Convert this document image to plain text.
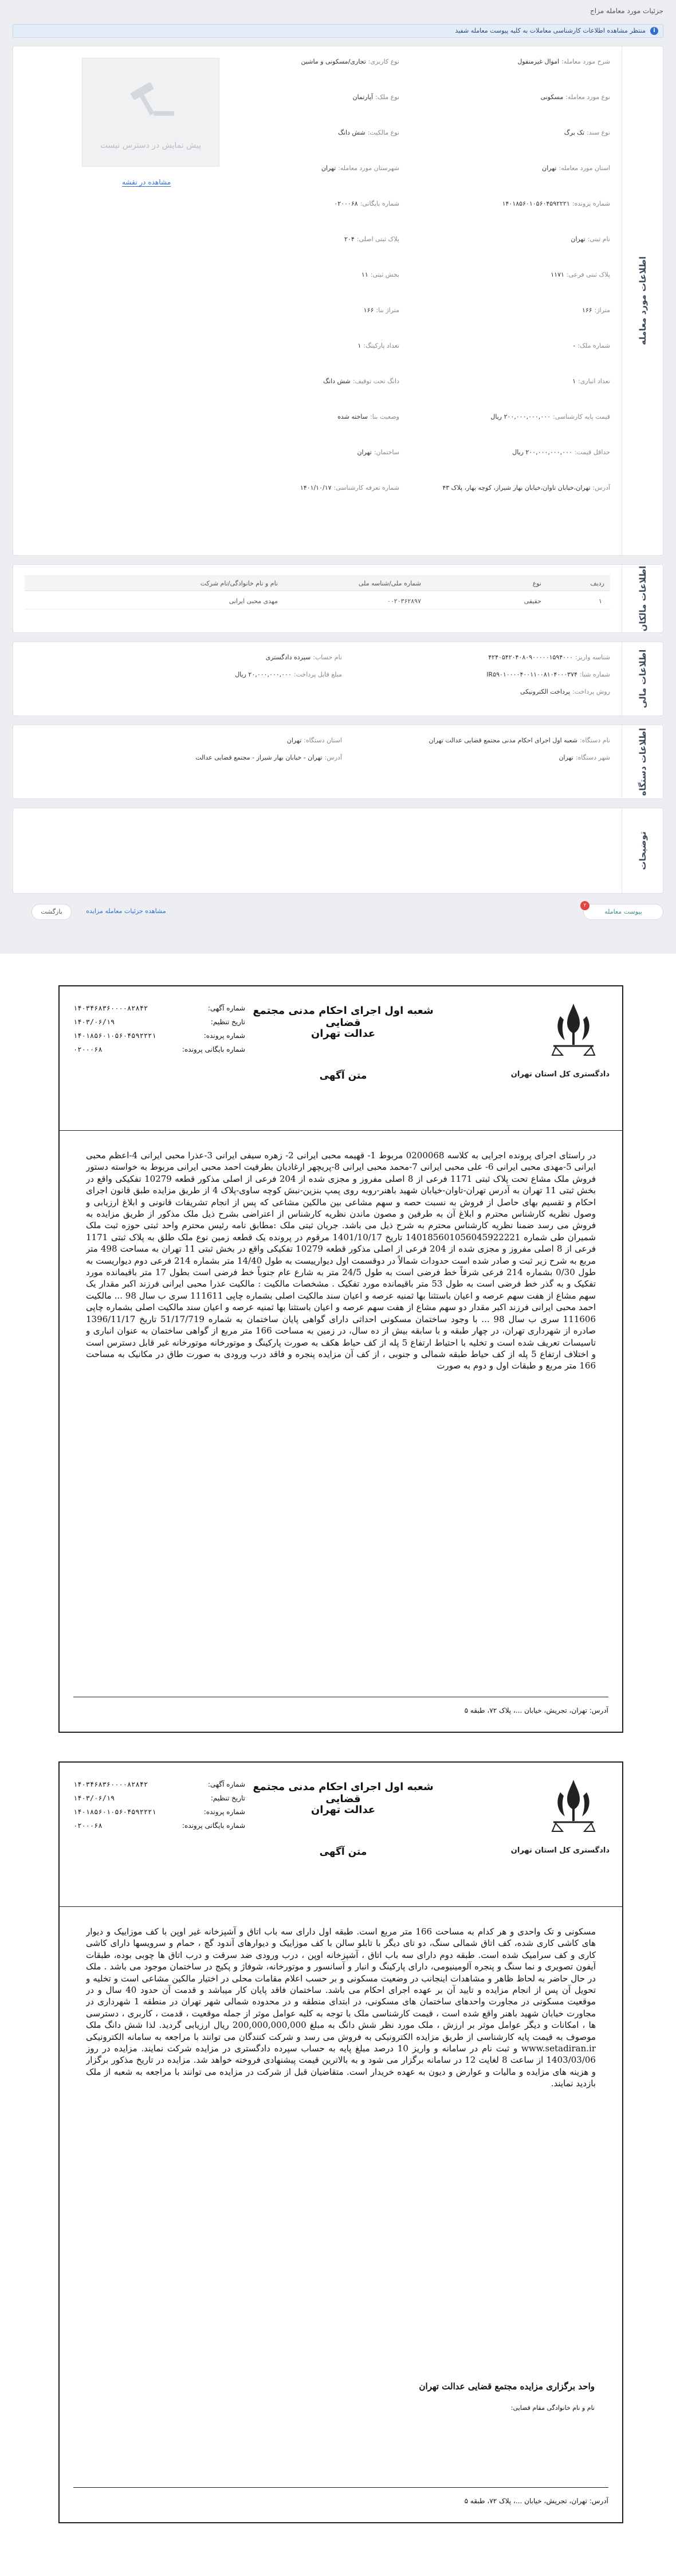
جزئیات مورد معامله مزاج
i
منتظر مشاهده اطلاعات کارشناسی معاملات به کلیه پیوست معامله شفید
اطلاعات مورد معامله
پیش نمایش در دسترس نیست
مشاهده در نقشه
شرح مورد معامله:اموال غیرمنقول
نوع کاربری:تجاری/مسکونی و ماشین
نوع مورد معامله:مسکونی
نوع ملک:آپارتمان
نوع سند:تک برگ
نوع مالکیت:شش دانگ
استان مورد معامله:تهران
شهرستان مورد معامله:تهران
شماره پرونده:۱۴۰۱۸۵۶۰۱۰۵۶۰۴۵۹۲۲۲۱
شماره بایگانی:۰۲۰۰۰۶۸
نام ثبتی:تهران
پلاک ثبتی اصلی:۲۰۴
پلاک ثبتی فرعی:۱۱۷۱
بخش ثبتی:۱۱
متراژ:۱۶۶
متراژ بنا:۱۶۶
شماره ملک:-
تعداد پارکینگ:۱
تعداد انباری:۱
دانگ تحت توقیف:شش دانگ
قیمت پایه کارشناسی:۲۰۰,۰۰۰,۰۰۰,۰۰۰ ریال
وضعیت بنا:ساخته شده
حداقل قیمت:۲۰۰,۰۰۰,۰۰۰,۰۰۰ ریال
ساختمان:تهران
آدرس:تهران،خیابان تاوان،خیابان بهار شیراز، کوچه بهار، پلاک ۴۳
شماره تعرفه کارشناسی:۱۴۰۱/۱۰/۱۷
اطلاعات مالکان
ردیف
نوع
شماره ملی/شناسه ملی
نام و نام خانوادگی/نام شرکت
۱
حقیقی
۰۰۲۰۳۶۲۸۹۷
مهدی محبی ایرانی
اطلاعات مالی
شناسه واریز:۴۲۴۰۵۴۲۰۴۰۸۰۹۰۰۰۰۰۱۵۹۴۰۰۰
نام حساب:سپرده دادگستری
شماره شبا:IR۵۹۰۱۰۰۰۰۴۰۰۱۱۰۰۸۱۰۴۰۰۰۳۷۴
مبلغ قابل پرداخت:۲۰,۰۰۰,۰۰۰,۰۰۰ ریال
روش پرداخت:پرداخت الکترونیکی
اطلاعات دستگاه
نام دستگاه:شعبه اول اجرای احکام مدنی مجتمع قضایی عدالت تهران
استان دستگاه:تهران
شهر دستگاه:تهران
آدرس:تهران - خیابان بهار شیراز - مجتمع قضایی عدالت
توضیحات
۲
پیوست معامله
مشاهده جزئیات معامله مزایده
بازگشت
دادگستری کل استان تهران
شعبه اول اجرای احکام مدنی مجتمع قضایی
عدالت تهران
متن آگهی
شماره آگهی:
۱۴۰۳۴۶۸۳۶۰۰۰۰۸۲۸۴۲
تاریخ تنظیم:
۱۴۰۳/۰۶/۱۹
شماره پرونده:
۱۴۰۱۸۵۶۰۱۰۵۶۰۴۵۹۲۲۲۱
شماره بایگانی پرونده:
۰۲۰۰۰۶۸
در راستای اجرای پرونده اجرایی به کلاسه 0200068 مربوط 1- قهیمه محبی ایرانی 2- زهره سیفی ایرانی 3-عذرا محبی ایرانی 4-اعظم محبی ایرانی 5-مهدی محبی ایرانی 6- علی محبی ایرانی 7-محمد محبی ایرانی 8-پریچهر ارغادیان بطرفیت احمد محبی ایرانی مربوط به خواسته دستور فروش ملک مشاع تحت پلاک ثبتی 1171 فرعی از 8 اصلی مفروز و مجزی شده از 204 فرعی از اصلی مذکور قطعه 10279 تفکیکی واقع در بخش ثبتی 11 تهران به آدرس تهران-تاوان-خیابان شهید باهنر-روبه روی پمپ بنزین-نبش کوچه ساوی-پلاک 4 از طریق مزایده طبق قانون اجرای احکام و تقسیم بهای حاصل از فروش به نسبت حصه و سهم مشاعی بین مالکین مشاعی که پس از انجام تشریفات قانونی و ابلاغ ارزیابی و وصول نظریه کارشناس محترم و ابلاغ آن به طرفین و مصون ماندن نظریه کارشناس از اعتراضی بشرح ذیل ملک مذکور از طریق مزایده به فروش می رسد ضمنا نظریه کارشناس محترم به شرح ذیل می باشد. جریان ثبتی ملک :مطابق نامه رئیس محترم واحد ثبتی حوزه ثبت ملک شمیران طی شماره 140185601056045922221 تاریخ 1401/10/17 مرقوم در پرونده یک قطعه زمین نوع ملک طلق به پلاک ثبتی 1171 فرعی از 8 اصلی مفروز و مجزی شده از 204 فرعی از اصلی مذکور قطعه 10279 تفکیکی واقع در بخش ثبتی 11 تهران به مساحت 498 متر مربع به شرح زیر ثبت و صادر شده است حدودات شمالاً در دوقسمت اول دیوارییست به طول 14/40 متر بشماره 214 فرعی دوم دیواریست به طول 0/30 بشماره 214 فرعی شرقاً خط فرضی است به طول 24/5 متر به شارع عام جنوباً خط فرضی است بطول 17 متر باقیمانده مورد تفکیک و به گذر خط فرضی است به طول 53 متر باقیمانده مورد تفکیک . مشخصات مالکیت : مالکیت عذرا محبی ایرانی فرزند اکبر مقدار یک سهم مشاع از هفت سهم عرصه و اعیان باستثنا بها ثمنیه عرصه و اعیان سند مالکیت اصلی بشماره چاپی 111611 سری ب سال 98 ... مالکیت احمد محبی ایرانی فرزند اکبر مقدار دو سهم مشاع از هفت سهم عرصه و اعیان باستثنا بها ثمنیه عرصه و اعیان سند مالکیت اصلی بشماره چاپی 111606 سری ب سال 98 ... با وجود ساختمان مسکونی احداثی دارای گواهی پایان ساختمان به شماره 51/17/719 تاریخ 1396/11/17 صادره از شهرداری تهران، در چهار طبقه و با سابقه بیش از ده سال، در زمین به مساحت 166 متر مربع از گواهی ساختمان به عنوان انباری و تاسیسات تعریف شده است و تخلیه با احتیاط ارتفاع 5 پله از کف حیاط هکف به صورت پارکینگ و موتورخانه موتورخانه غیر قابل دسترس است و اختلاف ارتفاع 5 پله از کف حیاط طبقه شمالی و جنوبی ، از کف آن مزایده پنجره و فاقد درب ورودی به صورت طاق در مکانیک به مساحت 166 متر مربع و طبقات اول و دوم به صورت
آدرس: تهران، تجریش، خیابان ...، پلاک ۷۲، طبقه ۵
دادگستری کل استان تهران
شعبه اول اجرای احکام مدنی مجتمع قضایی
عدالت تهران
متن آگهی
شماره آگهی:
۱۴۰۳۴۶۸۳۶۰۰۰۰۸۲۸۴۲
تاریخ تنظیم:
۱۴۰۳/۰۶/۱۹
شماره پرونده:
۱۴۰۱۸۵۶۰۱۰۵۶۰۴۵۹۲۲۲۱
شماره بایگانی پرونده:
۰۲۰۰۰۶۸
مسکونی و تک واحدی و هر کدام به مساحت 166 متر مربع است. طبقه اول دارای سه باب اتاق و آشپزخانه غیر اوپن با کف موزاییک و دیوار های کاشی کاری شده، کف اتاق شمالی سنگ، دو تای دیگر با تابلو سالن با کف موزاییک و دیوارهای آندود گچ ، حمام و سرویسها دارای کاشی کاری و کف سرامیک شده است. طبقه دوم دارای سه باب اتاق ، آشپزخانه اوپن ، درب ورودی ضد سرقت و درب اتاق ها چوبی بوده، طبقات آیفون تصویری و نما سنگ و پنجره آلومینیومی، دارای پارکینگ و انبار و آسانسور و موتورخانه، شوفاژ و پکیج در ساختمان موجود می باشد . ملک در حال حاضر به لحاظ ظاهر و مشاهدات اینجانب در وضعیت مسکونی و بر حسب اعلام مقامات محلی در اختیار مالکین مشاعی است و تخلیه و تحویل آن پس از انجام مزایده و تایید آن بر عهده اجرای احکام می باشد. ساختمان فاقد پایان کار میباشد و قدمت آن حدود 40 سال و در موقعیت مسکونی در مجاورت واحدهای ساختمان های مسکونی، در ابتدای منطقه و در محدوده شمالی شهر تهران در منطقه 1 شهرداری در مجاورت خیابان شهید باهنر واقع شده است ، قیمت کارشناسی ملک با توجه به کلیه عوامل موثر از جمله موقعیت ، قدمت ، کاربری ، دسترسی ها ، امکانات و دیگر عوامل موثر بر ارزش ، ملک مورد نظر شش دانگ به مبلغ 200,000,000,000 ریال ارزیابی گردید. لذا شش دانگ ملک موصوف به قیمت پایه کارشناسی از طریق مزایده الکترونیکی به فروش می رسد و شرکت کنندگان می توانند با مراجعه به سامانه الکترونیکی www.setadiran.ir و ثبت نام در سامانه و واریز 10 درصد مبلغ پایه به حساب سپرده دادگستری در مزایده شرکت نمایند. مزایده در روز 1403/03/06 از ساعت 8 لغایت 12 در سامانه برگزار می شود و به بالاترین قیمت پیشنهادی فروخته خواهد شد. مزایده در تاریخ مذکور برگزار و هزینه های مزایده و مالیات و عوارض و دیون به عهده خریدار است. متقاضیان قبل از شرکت در مزایده می توانند با مراجعه به شعبه از ملک بازدید نمایند.
واحد برگزاری مزایده مجتمع قضایی عدالت تهران
نام و نام خانوادگی مقام قضایی:
آدرس: تهران، تجریش، خیابان ...، پلاک ۷۲، طبقه ۵
